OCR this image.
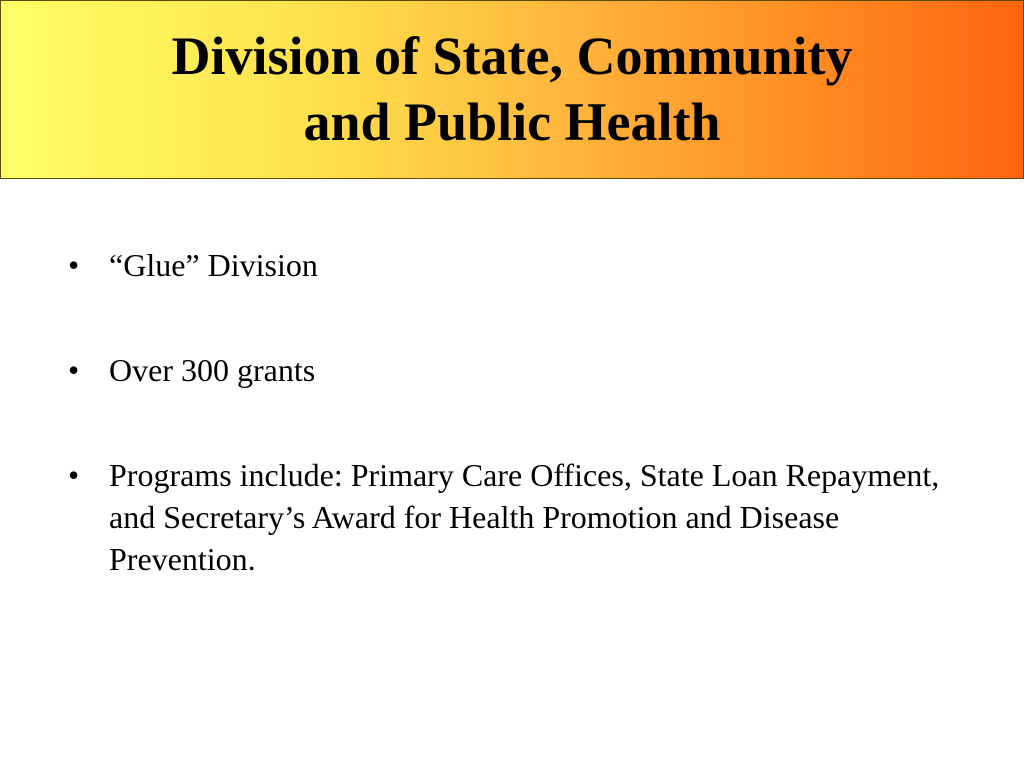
Division of State, Community
and Public Health
• “Glue” Division
• Over 300 grants
• Programs include: Primary Care Offices, State Loan Repayment, and Secretary’s Award for Health Promotion and Disease Prevention.
